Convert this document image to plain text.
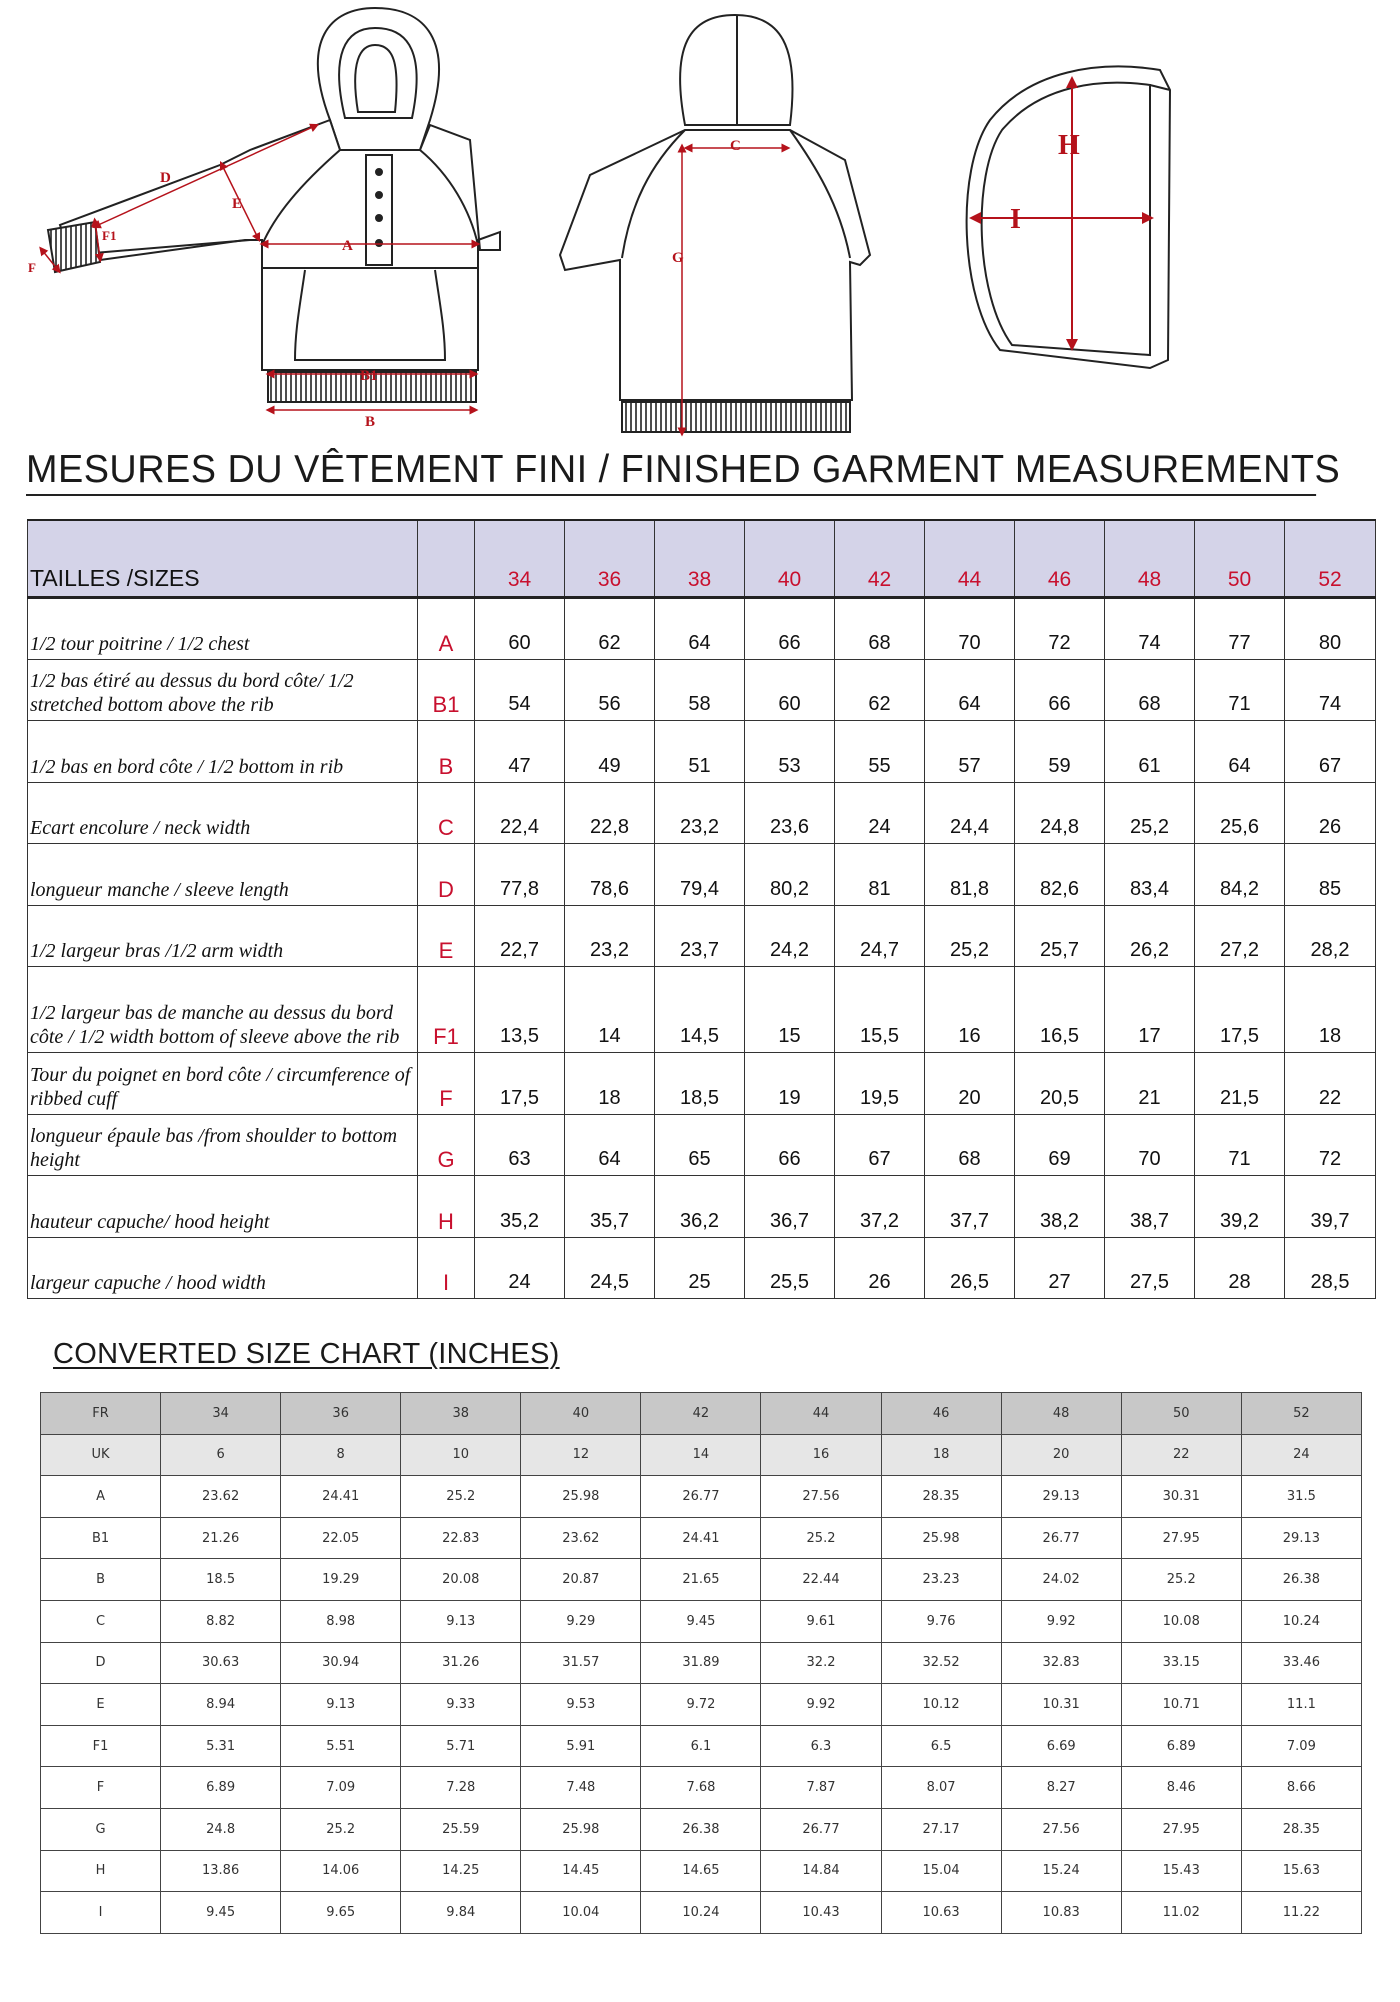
A
B1
B
D
E
F1
F
C
G
H
I
MESURES DU VÊTEMENT FINI / FINISHED GARMENT MEASUREMENTS
TAILLES /SIZES		34	36	38	40	42	44	46	48	50	52
1/2 tour poitrine / 1/2 chest	A	60	62	64	66	68	70	72	74	77	80
1/2 bas étiré au dessus du bord côte/ 1/2 stretched bottom above the rib	B1	54	56	58	60	62	64	66	68	71	74
1/2 bas en bord côte / 1/2 bottom in rib	B	47	49	51	53	55	57	59	61	64	67
Ecart encolure / neck width	C	22,4	22,8	23,2	23,6	24	24,4	24,8	25,2	25,6	26
longueur manche / sleeve length	D	77,8	78,6	79,4	80,2	81	81,8	82,6	83,4	84,2	85
1/2 largeur bras /1/2 arm width	E	22,7	23,2	23,7	24,2	24,7	25,2	25,7	26,2	27,2	28,2
1/2 largeur bas de manche au dessus du bord côte / 1/2 width bottom of sleeve above the rib	F1	13,5	14	14,5	15	15,5	16	16,5	17	17,5	18
Tour du poignet en bord côte / circumference of ribbed cuff	F	17,5	18	18,5	19	19,5	20	20,5	21	21,5	22
longueur épaule bas /from shoulder to bottom height	G	63	64	65	66	67	68	69	70	71	72
hauteur capuche/ hood height	H	35,2	35,7	36,2	36,7	37,2	37,7	38,2	38,7	39,2	39,7
largeur capuche / hood width	I	24	24,5	25	25,5	26	26,5	27	27,5	28	28,5
CONVERTED SIZE CHART (INCHES)
FR	34	36	38	40	42	44	46	48	50	52
UK	6	8	10	12	14	16	18	20	22	24
A	23.62	24.41	25.2	25.98	26.77	27.56	28.35	29.13	30.31	31.5
B1	21.26	22.05	22.83	23.62	24.41	25.2	25.98	26.77	27.95	29.13
B	18.5	19.29	20.08	20.87	21.65	22.44	23.23	24.02	25.2	26.38
C	8.82	8.98	9.13	9.29	9.45	9.61	9.76	9.92	10.08	10.24
D	30.63	30.94	31.26	31.57	31.89	32.2	32.52	32.83	33.15	33.46
E	8.94	9.13	9.33	9.53	9.72	9.92	10.12	10.31	10.71	11.1
F1	5.31	5.51	5.71	5.91	6.1	6.3	6.5	6.69	6.89	7.09
F	6.89	7.09	7.28	7.48	7.68	7.87	8.07	8.27	8.46	8.66
G	24.8	25.2	25.59	25.98	26.38	26.77	27.17	27.56	27.95	28.35
H	13.86	14.06	14.25	14.45	14.65	14.84	15.04	15.24	15.43	15.63
I	9.45	9.65	9.84	10.04	10.24	10.43	10.63	10.83	11.02	11.22
